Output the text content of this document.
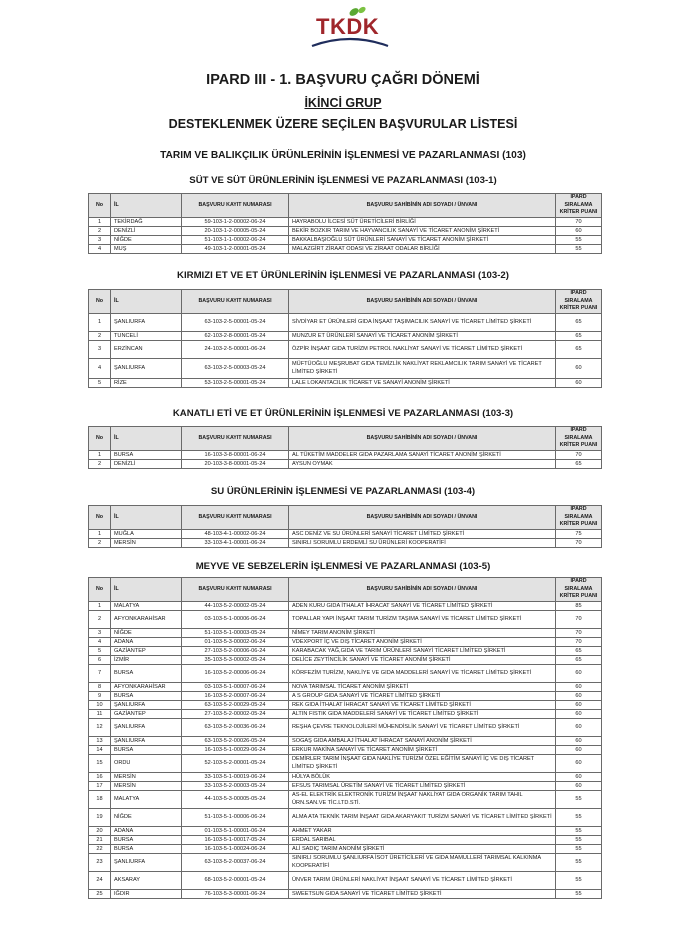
TKDK
IPARD III - 1. BAŞVURU ÇAĞRI DÖNEMİ
İKİNCİ GRUP
DESTEKLENMEK ÜZERE SEÇİLEN BAŞVURULAR LİSTESİ
TARIM VE BALIKÇILIK ÜRÜNLERİNİN İŞLENMESİ VE PAZARLANMASI (103)
SÜT VE SÜT ÜRÜNLERİNİN İŞLENMESİ VE PAZARLANMASI (103-1)
No	İL	BAŞVURU KAYIT NUMARASI	BAŞVURU SAHİBİNİN ADI SOYADI / ÜNVANI	IPARD SIRALAMA
KRİTER PUANI
1	TEKİRDAĞ	59-103-1-2-00002-06-24	HAYRABOLU İLCESİ SÜT ÜRETİCİLERİ BİRLİĞİ	70
2	DENİZLİ	20-103-1-2-00005-05-24	BEKİR BOZKIR TARIM VE HAYVANCILIK SANAYİ VE TİCARET ANONİM ŞİRKETİ	60
3	NİĞDE	51-103-1-1-00002-06-24	BAKKALBAŞIOĞLU SÜT ÜRÜNLERİ SANAYİ VE TİCARET ANONİM ŞİRKETİ	55
4	MUŞ	49-103-1-2-00001-05-24	MALAZGİRT ZİRAAT ODASI VE ZİRAAT ODALAR BİRLİĞİ	55
KIRMIZI ET VE ET ÜRÜNLERİNİN İŞLENMESİ VE PAZARLANMASI (103-2)
No	İL	BAŞVURU KAYIT NUMARASI	BAŞVURU SAHİBİNİN ADI SOYADI / ÜNVANI	IPARD SIRALAMA
KRİTER PUANI
1	ŞANLIURFA	63-103-2-5-00001-05-24	SİVDİYAR ET ÜRÜNLERİ GIDA İNŞAAT TAŞIMACILIK SANAYİ VE TİCARET LİMİTED ŞİRKETİ	65
2	TUNCELİ	62-103-2-8-00001-05-24	MUNZUR ET ÜRÜNLERİ SANAYİ VE TİCARET ANONİM ŞİRKETİ	65
3	ERZİNCAN	24-103-2-5-00001-06-24	ÖZPİR İNŞAAT GIDA TURİZM PETROL NAKLİYAT SANAYİ VE TİCARET LİMİTED ŞİRKETİ	65
4	ŞANLIURFA	63-103-2-5-00003-05-24	MÜFTÜOĞLU MEŞRUBAT GIDA TEMİZLİK NAKLİYAT REKLAMCILIK TARIM SANAYİ VE TİCARET LİMİTED ŞİRKETİ	60
5	RİZE	53-103-2-5-00001-05-24	LALE LOKANTACILIK TİCARET VE SANAYİ ANONİM ŞİRKETİ	60
KANATLI ETİ VE ET ÜRÜNLERİNİN İŞLENMESİ VE PAZARLANMASI (103-3)
No	İL	BAŞVURU KAYIT NUMARASI	BAŞVURU SAHİBİNİN ADI SOYADI / ÜNVANI	IPARD SIRALAMA
KRİTER PUANI
1	BURSA	16-103-3-8-00001-06-24	AL TÜKETİM MADDELER GIDA PAZARLAMA SANAYİ TİCARET ANONİM ŞİRKETİ	70
2	DENİZLİ	20-103-3-8-00001-05-24	AYSUN OYMAK	65
SU ÜRÜNLERİNİN İŞLENMESİ VE PAZARLANMASI (103-4)
No	İL	BAŞVURU KAYIT NUMARASI	BAŞVURU SAHİBİNİN ADI SOYADI / ÜNVANI	IPARD SIRALAMA
KRİTER PUANI
1	MUĞLA	48-103-4-1-00002-06-24	ASC DENİZ VE SU ÜRÜNLERİ SANAYİ TİCARET LİMİTED ŞİRKETİ	75
2	MERSİN	33-103-4-1-00001-06-24	SINIRLI SORUMLU ERDEMLİ SU ÜRÜNLERİ KOOPERATİFİ	70
MEYVE VE SEBZELERİN İŞLENMESİ VE PAZARLANMASI (103-5)
No	İL	BAŞVURU KAYIT NUMARASI	BAŞVURU SAHİBİNİN ADI SOYADI / ÜNVANI	IPARD SIRALAMA
KRİTER PUANI
1	MALATYA	44-103-5-2-00002-05-24	ADEN KURU GIDA İTHALAT İHRACAT SANAYİ VE TİCARET LİMİTED ŞİRKETİ	85
2	AFYONKARAHİSAR	03-103-5-1-00006-06-24	TOPALLAR YAPI İNŞAAT TARIM TURİZM TAŞIMA SANAYİ VE TİCARET LİMİTED ŞİRKETİ	70
3	NİĞDE	51-103-5-1-00003-05-24	NİMEY TARIM ANONİM ŞİRKETİ	70
4	ADANA	01-103-5-3-00002-06-24	VDEXPORT İÇ VE DIŞ TİCARET ANONİM ŞİRKETİ	70
5	GAZİANTEP	27-103-5-2-00006-06-24	KARABACAK YAĞ,GIDA VE TARIM ÜRÜNLERİ SANAYİ TİCARET LİMİTED ŞİRKETİ	65
6	İZMİR	35-103-5-3-00002-05-24	DELİCE ZEYTİNCİLİK SANAYİ VE TİCARET ANONİM ŞİRKETİ	65
7	BURSA	16-103-5-2-00006-06-24	KÖRFEZİM TURİZM, NAKLİYE VE GIDA MADDELERİ SANAYİ VE TİCARET LİMİTED ŞİRKETİ	60
8	AFYONKARAHİSAR	03-103-5-1-00007-06-24	NOVA TARIMSAL TİCARET ANONİM ŞİRKETİ	60
9	BURSA	16-103-5-2-00007-06-24	A S GROUP GIDA SANAYİ VE TİCARET LİMİTED ŞİRKETİ	60
10	ŞANLIURFA	63-103-5-2-00029-05-24	REK GIDA İTHALAT İHRACAT SANAYİ VE TİCARET LİMİTED ŞİRKETİ	60
11	GAZİANTEP	27-103-5-2-00002-05-24	ALTIN FISTIK GIDA MADDELERİ SANAYİ VE TİCARET LİMİTED ŞİRKETİ	60
12	ŞANLIURFA	63-103-5-2-00036-06-24	REŞHA ÇEVRE TEKNOLOJİLERİ MÜHENDİSLİK SANAYİ VE TİCARET LİMİTED ŞİRKETİ	60
13	ŞANLIURFA	63-103-5-2-00026-05-24	SOGAŞ GIDA AMBALAJ İTHALAT İHRACAT SANAYİ ANONİM ŞİRKETİ	60
14	BURSA	16-103-5-1-00029-06-24	ERKUR MAKİNA SANAYİ VE TİCARET ANONİM ŞİRKETİ	60
15	ORDU	52-103-5-2-00001-05-24	DEMİRLER TARIM İNŞAAT GIDA NAKLİYE TURİZM ÖZEL EĞİTİM SANAYİ İÇ VE DIŞ TİCARET LİMİTED ŞİRKETİ	60
16	MERSİN	33-103-5-1-00019-06-24	HÜLYA BÖLÜK	60
17	MERSİN	33-103-5-2-00003-05-24	EFSUS TARIMSAL ÜRETİM SANAYİ VE TİCARET LİMİTED ŞİRKETİ	60
18	MALATYA	44-103-5-3-00005-05-24	AS-EL ELEKTRİK ELEKTRONİK TURİZM İNŞAAT NAKLİYAT GIDA ORGANİK TARIM TAHIL ÜRN.SAN.VE TİC.LTD.STİ.	55
19	NİĞDE	51-103-5-1-00006-06-24	ALMA ATA TEKNİK TARIM İNŞAAT GIDA AKARYAKIT TURİZM SANAYİ VE TİCARET LİMİTED ŞİRKETİ	55
20	ADANA	01-103-5-1-00001-06-24	AHMET YAKAR	55
21	BURSA	16-103-5-1-00017-05-24	ERDAL SARIBAL	55
22	BURSA	16-103-5-1-00024-06-24	ALİ SADIÇ TARIM ANONİM ŞİRKETİ	55
23	ŞANLIURFA	63-103-5-2-00037-06-24	SINIRLI SORUMLU ŞANLIURFA İSOT ÜRETİCİLERİ VE GIDA MAMULLERİ TARIMSAL KALKINMA KOOPERATİFİ	55
24	AKSARAY	68-103-5-2-00001-05-24	ÜNVER TARIM ÜRÜNLERİ NAKLİYAT İNŞAAT SANAYİ VE TİCARET LİMİTED ŞİRKETİ	55
25	IĞDIR	76-103-5-3-00001-06-24	SWEETSUN GIDA SANAYİ VE TİCARET LİMİTED ŞİRKETİ	55
